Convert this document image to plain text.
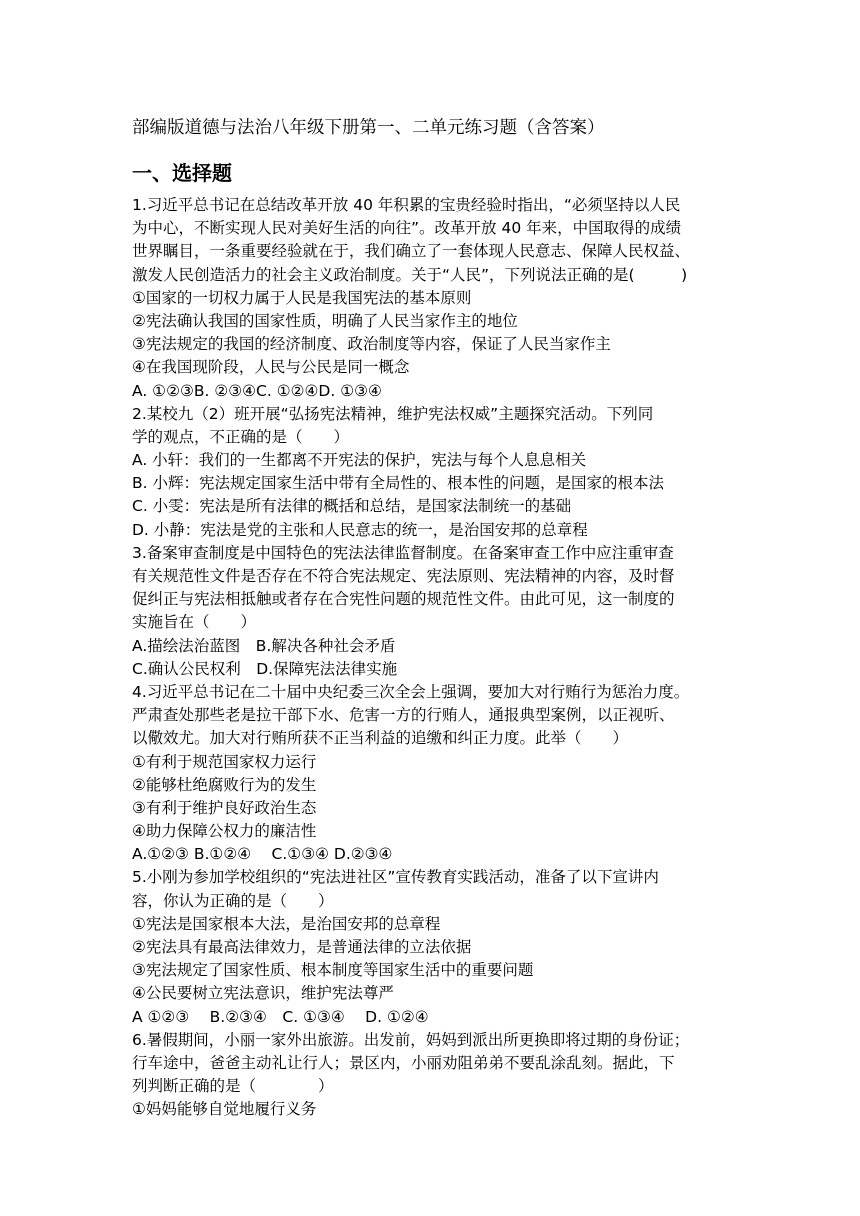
部编版道德与法治八年级下册第一、二单元练习题（含答案）
一、选择题
1.习近平总书记在总结改革开放 40 年积累的宝贵经验时指出，“必须坚持以人民
为中心，不断实现人民对美好生活的向往”。改革开放 40 年来，中国取得的成绩
世界瞩目，一条重要经验就在于，我们确立了一套体现人民意志、保障人民权益、
激发人民创造活力的社会主义政治制度。关于“人民”，下列说法正确的是(　　　)
①国家的一切权力属于人民是我国宪法的基本原则
②宪法确认我国的国家性质，明确了人民当家作主的地位
③宪法规定的我国的经济制度、政治制度等内容，保证了人民当家作主
④在我国现阶段，人民与公民是同一概念
A. ①②③B. ②③④C. ①②④D. ①③④
2.某校九（2）班开展“弘扬宪法精神，维护宪法权威”主题探究活动。下列同
学的观点，不正确的是（　　）
A. 小轩：我们的一生都离不开宪法的保护，宪法与每个人息息相关
B. 小辉：宪法规定国家生活中带有全局性的、根本性的问题，是国家的根本法
C. 小雯：宪法是所有法律的概括和总结，是国家法制统一的基础
D. 小静：宪法是党的主张和人民意志的统一，是治国安邦的总章程
3.备案审查制度是中国特色的宪法法律监督制度。在备案审查工作中应注重审查
有关规范性文件是否存在不符合宪法规定、宪法原则、宪法精神的内容，及时督
促纠正与宪法相抵触或者存在合宪性问题的规范性文件。由此可见，这一制度的
实施旨在（　　）
A.描绘法治蓝图　B.解决各种社会矛盾
C.确认公民权利　D.保障宪法法律实施
4.习近平总书记在二十届中央纪委三次全会上强调，要加大对行贿行为惩治力度。
严肃查处那些老是拉干部下水、危害一方的行贿人，通报典型案例，以正视听、
以儆效尤。加大对行贿所获不正当利益的追缴和纠正力度。此举（　　）
①有利于规范国家权力运行
②能够杜绝腐败行为的发生
③有利于维护良好政治生态
④助力保障公权力的廉洁性
A.①②③ B.①②④　 C.①③④ D.②③④
5.小刚为参加学校组织的“宪法进社区”宣传教育实践活动，准备了以下宣讲内
容，你认为正确的是（　　）
①宪法是国家根本大法，是治国安邦的总章程
②宪法具有最高法律效力，是普通法律的立法依据
③宪法规定了国家性质、根本制度等国家生活中的重要问题
④公民要树立宪法意识，维护宪法尊严
A ①②③　 B.②③④　C. ①③④　 D. ①②④
6.暑假期间，小丽一家外出旅游。出发前，妈妈到派出所更换即将过期的身份证；
行车途中，爸爸主动礼让行人；景区内，小丽劝阻弟弟不要乱涂乱刻。据此，下
列判断正确的是（　　　　）
①妈妈能够自觉地履行义务
